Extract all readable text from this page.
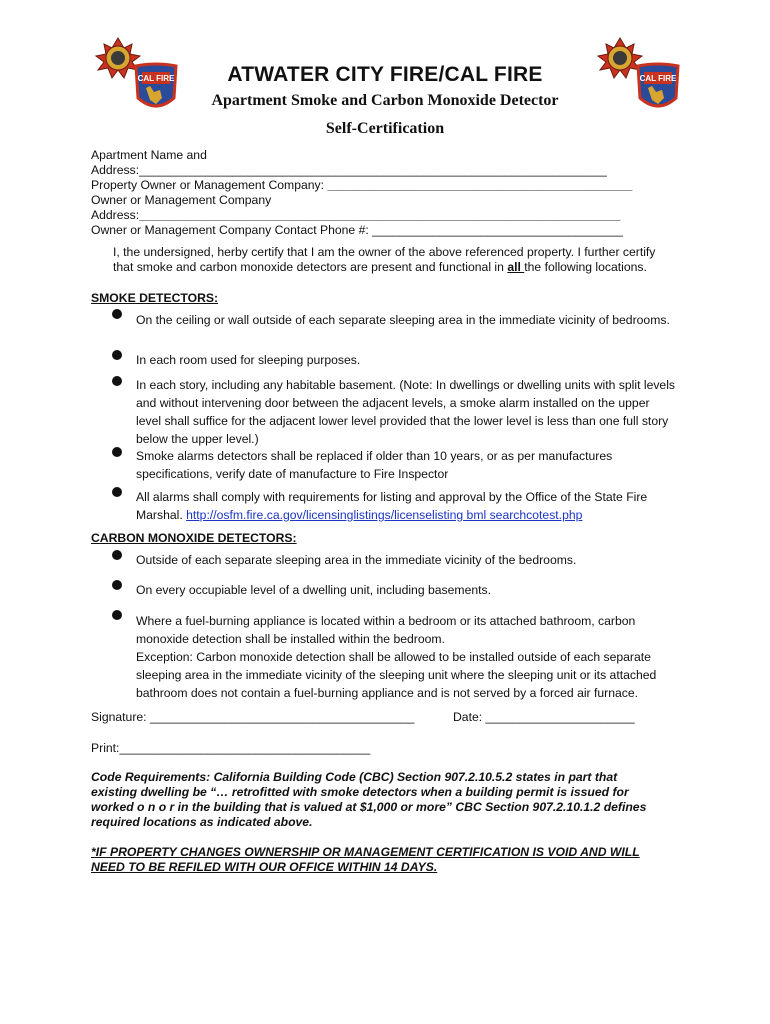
CAL FIRE	CAL FIRE
ATWATER CITY FIRE/CAL FIRE
Apartment Smoke and Carbon Monoxide Detector
Self-Certification
Apartment Name and
Address:_____________________________________________________________________
Property Owner or Management Company: _____________________________________________
Owner or Management Company
Address:_______________________________________________________________________
Owner or Management Company Contact Phone #: _____________________________________
I, the undersigned, herby certify that I am the owner of the above referenced property. I further certify
that smoke and carbon monoxide detectors are present and functional in all the following locations.
SMOKE DETECTORS:
On the ceiling or wall outside of each separate sleeping area in the immediate vicinity of bedrooms.
In each room used for sleeping purposes.
In each story, including any habitable basement. (Note: In dwellings or dwelling units with split levels and without intervening door between the adjacent levels, a smoke alarm installed on the upper level shall suffice for the adjacent lower level provided that the lower level is less than one full story below the upper level.)
Smoke alarms detectors shall be replaced if older than 10 years, or as per manufactures specifications, verify date of manufacture to Fire Inspector
All alarms shall comply with requirements for listing and approval by the Office of the State Fire Marshal. http://osfm.fire.ca.gov/licensinglistings/licenselisting bml searchcotest.php
CARBON MONOXIDE DETECTORS:
Outside of each separate sleeping area in the immediate vicinity of the bedrooms.
On every occupiable level of a dwelling unit, including basements.
Where a fuel-burning appliance is located within a bedroom or its attached bathroom, carbon monoxide detection shall be installed within the bedroom.
Exception: Carbon monoxide detection shall be allowed to be installed outside of each separate sleeping area in the immediate vicinity of the sleeping unit where the sleeping unit or its attached bathroom does not contain a fuel-burning appliance and is not served by a forced air furnace.
Signature: _______________________________________	Date: ______________________
Print:_____________________________________
Code Requirements: California Building Code (CBC) Section 907.2.10.5.2 states in part that existing dwelling be “… retrofitted with smoke detectors when a building permit is issued for worked o n o r in the building that is valued at $1,000 or more” CBC Section 907.2.10.1.2 defines required locations as indicated above.
*IF PROPERTY CHANGES OWNERSHIP OR MANAGEMENT CERTIFICATION IS VOID AND WILL
NEED TO BE REFILED WITH OUR OFFICE WITHIN 14 DAYS.
